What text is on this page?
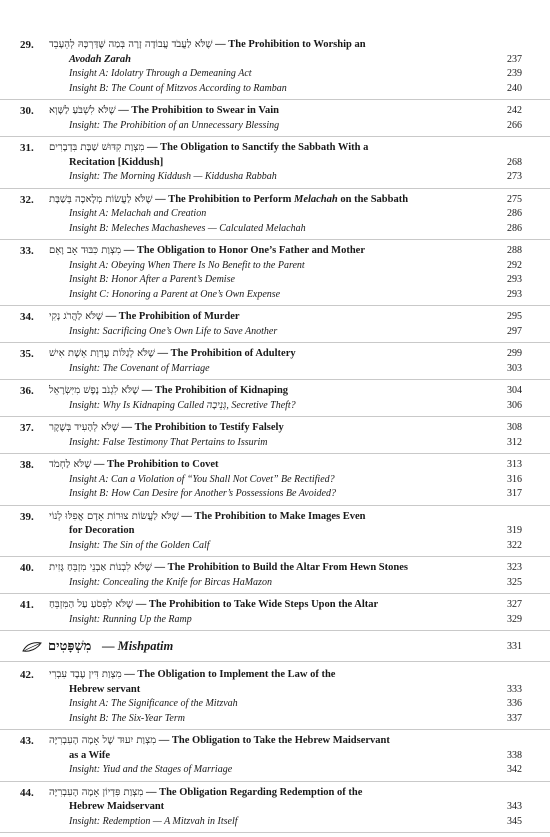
29. שֶׁלֹּא לַעֲבֹד עֲבוֹדָה זָרָה בְּמַה שֶּׁדַּרְכָּהּ לְהֵעָבֵד — The Prohibition to Worship an
Avodah Zarah	237
Insight A: Idolatry Through a Demeaning Act	239
Insight B: The Count of Mitzvos According to Ramban	240
30. שֶׁלֹּא לִשְׁבֹּעַ לַשָּׁוְא — The Prohibition to Swear in Vain	242
Insight: The Prohibition of an Unnecessary Blessing	266
31. מִצְוַת קִדּוּשׁ שַׁבָּת בִּדְבָרִים — The Obligation to Sanctify the Sabbath With a
Recitation [Kiddush]	268
Insight: The Morning Kiddush — Kiddusha Rabbah	273
32. שֶׁלֹּא לַעֲשׂוֹת מְלָאכָה בְּשַׁבָּת — The Prohibition to Perform Melachah on the Sabbath	275
Insight A: Melachah and Creation	286
Insight B: Meleches Machasheves — Calculated Melachah	286
33. מִצְוַת כִּבּוּד אָב וָאֵם — The Obligation to Honor One’s Father and Mother	288
Insight A: Obeying When There Is No Benefit to the Parent	292
Insight B: Honor After a Parent’s Demise	293
Insight C: Honoring a Parent at One’s Own Expense	293
34. שֶׁלֹּא לַהֲרֹג נָקִי — The Prohibition of Murder	295
Insight: Sacrificing One’s Own Life to Save Another	297
35. שֶׁלֹּא לְגַלּוֹת עֶרְוַת אֵשֶׁת אִישׁ — The Prohibition of Adultery	299
Insight: The Covenant of Marriage	303
36. שֶׁלֹּא לִגְנֹב נֶפֶשׁ מִיִּשְׂרָאֵל — The Prohibition of Kidnaping	304
Insight: Why Is Kidnaping Called גְּנֵיבָה, Secretive Theft?	306
37. שֶׁלֹּא לְהָעִיד בְּשֶׁקֶר — The Prohibition to Testify Falsely	308
Insight: False Testimony That Pertains to Issurim	312
38. שֶׁלֹּא לַחְמֹד — The Prohibition to Covet	313
Insight A: Can a Violation of “You Shall Not Covet” Be Rectified?	316
Insight B: How Can Desire for Another’s Possessions Be Avoided?	317
39. שֶׁלֹּא לַעֲשׂוֹת צוּרוֹת אָדָם אֲפִלּוּ לְנוֹי — The Prohibition to Make Images Even
for Decoration	319
Insight: The Sin of the Golden Calf	322
40. שֶׁלֹּא לִבְנוֹת אַבְנֵי מִזְבֵּחַ גָּזִית — The Prohibition to Build the Altar From Hewn Stones	323
Insight: Concealing the Knife for Bircas HaMazon	325
41. שֶׁלֹּא לִפְסֹעַ עַל הַמִּזְבֵּחַ — The Prohibition to Take Wide Steps Upon the Altar	327
Insight: Running Up the Ramp	329
מִשְׁפָּטִים — Mishpatim	331
42. מִצְוַת דִּין עֶבֶד עִבְרִי — The Obligation to Implement the Law of the
Hebrew servant	333
Insight A: The Significance of the Mitzvah	336
Insight B: The Six-Year Term	337
43. מִצְוַת יִעוּד שֶׁל אָמָה הָעִבְרִיָּה — The Obligation to Take the Hebrew Maidservant
as a Wife	338
Insight: Yiud and the Stages of Marriage	342
44. מִצְוַת פִּדְיוֹן אָמָה הָעִבְרִיָּה — The Obligation Regarding Redemption of the
Hebrew Maidservant	343
Insight: Redemption — A Mitzvah in Itself	345
